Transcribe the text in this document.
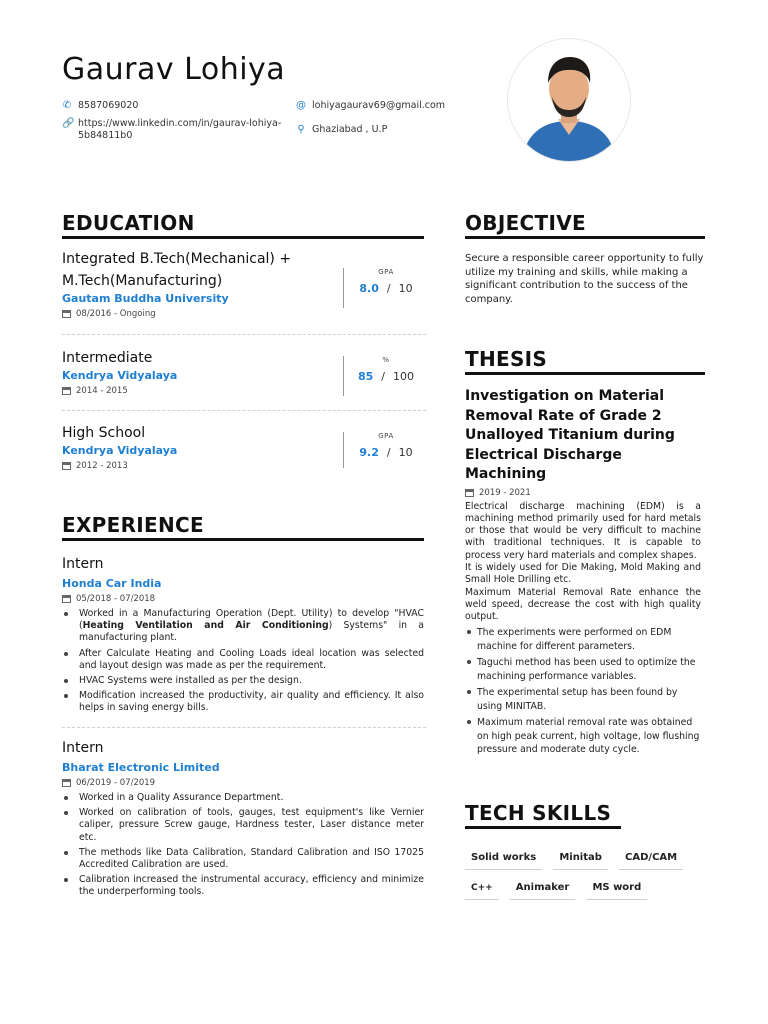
Gaurav Lohiya
✆ 8587069020	@ lohiyagaurav69@gmail.com
🔗 https://www.linkedin.com/in/gaurav-lohiya-
5b84811b0
⚲ Ghaziabad , U.P
EDUCATION
Integrated B.Tech(Mechanical) +
M.Tech(Manufacturing)
Gautam Buddha University
08/2016 - Ongoing
GPA
8.0 / 10
Intermediate
Kendrya Vidyalaya
2014 - 2015
%
85 / 100
High School
Kendrya Vidyalaya
2012 - 2013
GPA
9.2 / 10
EXPERIENCE
Intern
Honda Car India
05/2018 - 07/2018
Worked in a Manufacturing Operation (Dept. Utility) to develop "HVAC (Heating Ventilation and Air Conditioning) Systems" in a manufacturing plant.
After Calculate Heating and Cooling Loads ideal location was selected and layout design was made as per the requirement.
HVAC Systems were installed as per the design.
Modification increased the productivity, air quality and efficiency. It also helps in saving energy bills.
Intern
Bharat Electronic Limited
06/2019 - 07/2019
Worked in a Quality Assurance Department.
Worked on calibration of tools, gauges, test equipment's like Vernier caliper, pressure Screw gauge, Hardness tester, Laser distance meter etc.
The methods like Data Calibration, Standard Calibration and ISO 17025 Accredited Calibration are used.
Calibration increased the instrumental accuracy, efficiency and minimize the underperforming tools.
OBJECTIVE
Secure a responsible career opportunity to fully utilize my training and skills, while making a significant contribution to the success of the company.
THESIS
Investigation on Material Removal Rate of Grade 2 Unalloyed Titanium during Electrical Discharge Machining
2019 - 2021
Electrical discharge machining (EDM) is a machining method primarily used for hard metals or those that would be very difficult to machine with traditional techniques. It is capable to process very hard materials and complex shapes.
It is widely used for Die Making, Mold Making and Small Hole Drilling etc.
Maximum Material Removal Rate enhance the weld speed, decrease the cost with high quality output.
The experiments were performed on EDM machine for different parameters.
Taguchi method has been used to optimize the machining performance variables.
The experimental setup has been found by using MINITAB.
Maximum material removal rate was obtained on high peak current, high voltage, low flushing pressure and moderate duty cycle.
TECH SKILLS
Solid works Minitab CAD/CAM
C++ Animaker MS word
